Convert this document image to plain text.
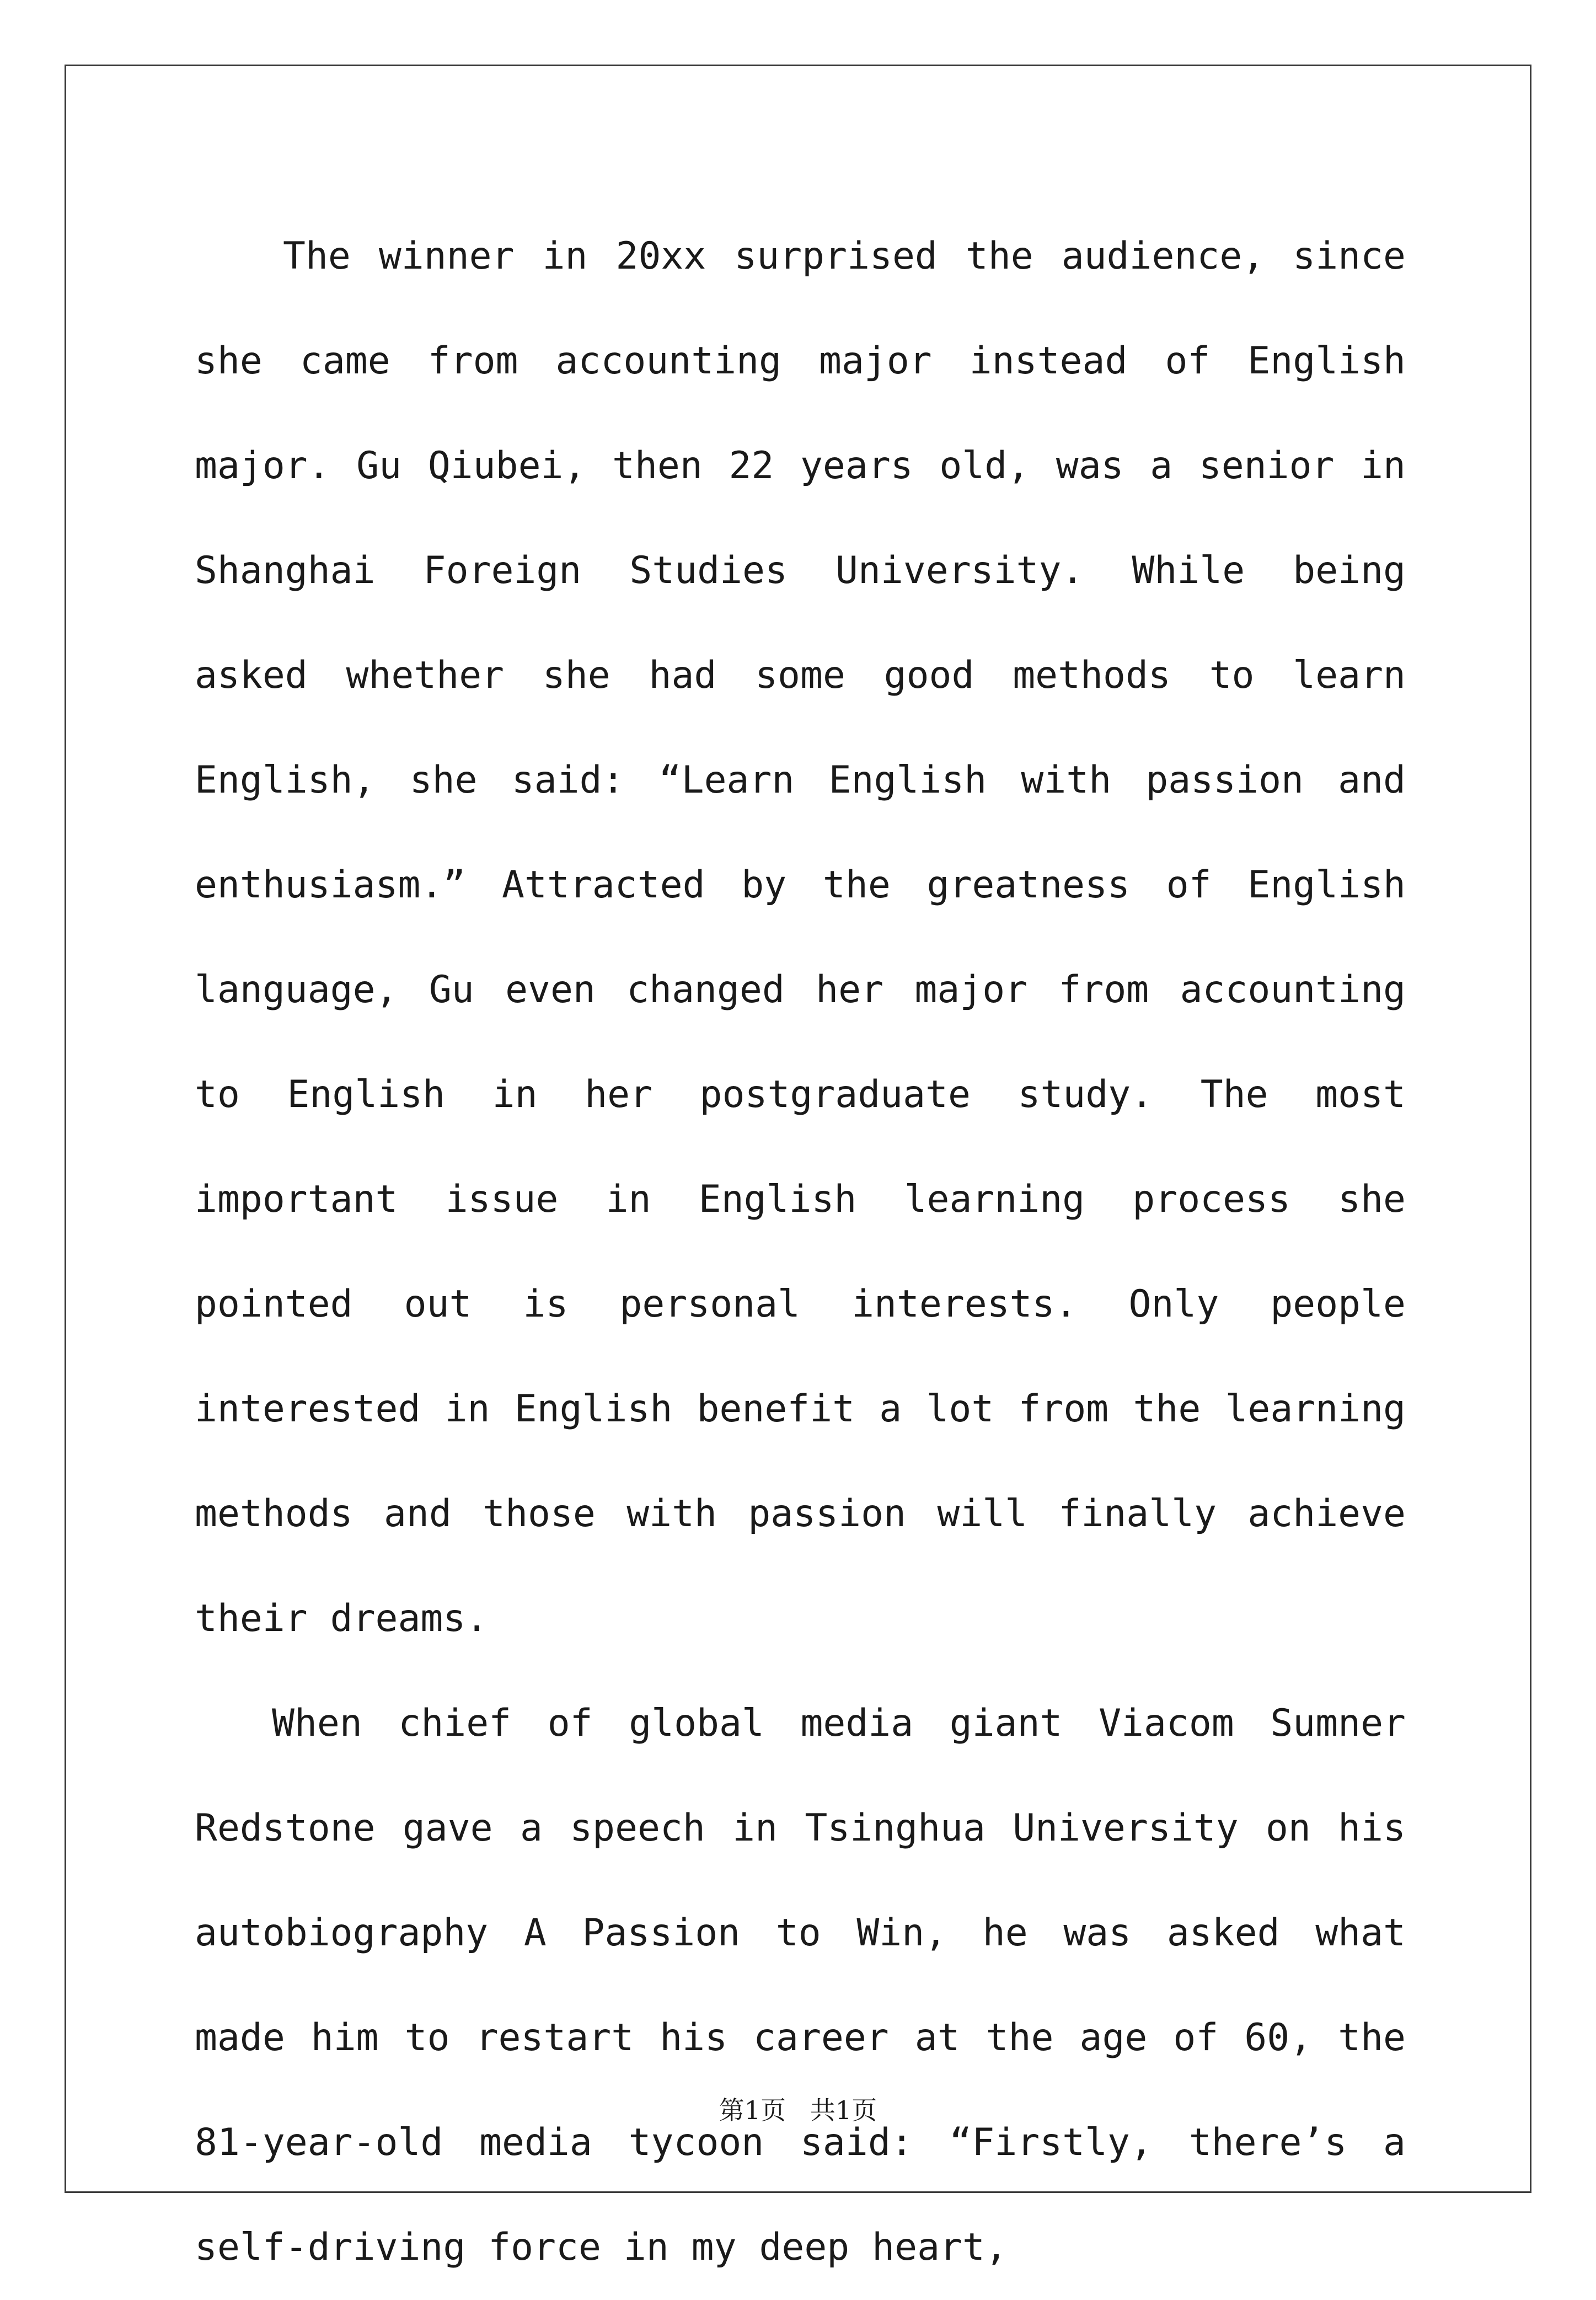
The winner in 20xx surprised the audience, since she came from accounting major instead of English major. Gu Qiubei, then 22 years old, was a senior in Shanghai Foreign Studies University. While being asked whether she had some good methods to learn English, she said: “Learn English with passion and enthusiasm.” Attracted by the greatness of English language, Gu even changed her major from accounting to English in her postgraduate study. The most important issue in English learning process she pointed out is personal interests. Only people interested in English benefit a lot from the learning methods and those with passion will finally achieve their dreams.

When chief of global media giant Viacom Sumner Redstone gave a speech in Tsinghua University on his autobiography A Passion to Win, he was asked what made him to restart his career at the age of 60, the 81-year-old media tycoon said: “Firstly, there’s a self-driving force in my deep heart,

第1页   共1页
